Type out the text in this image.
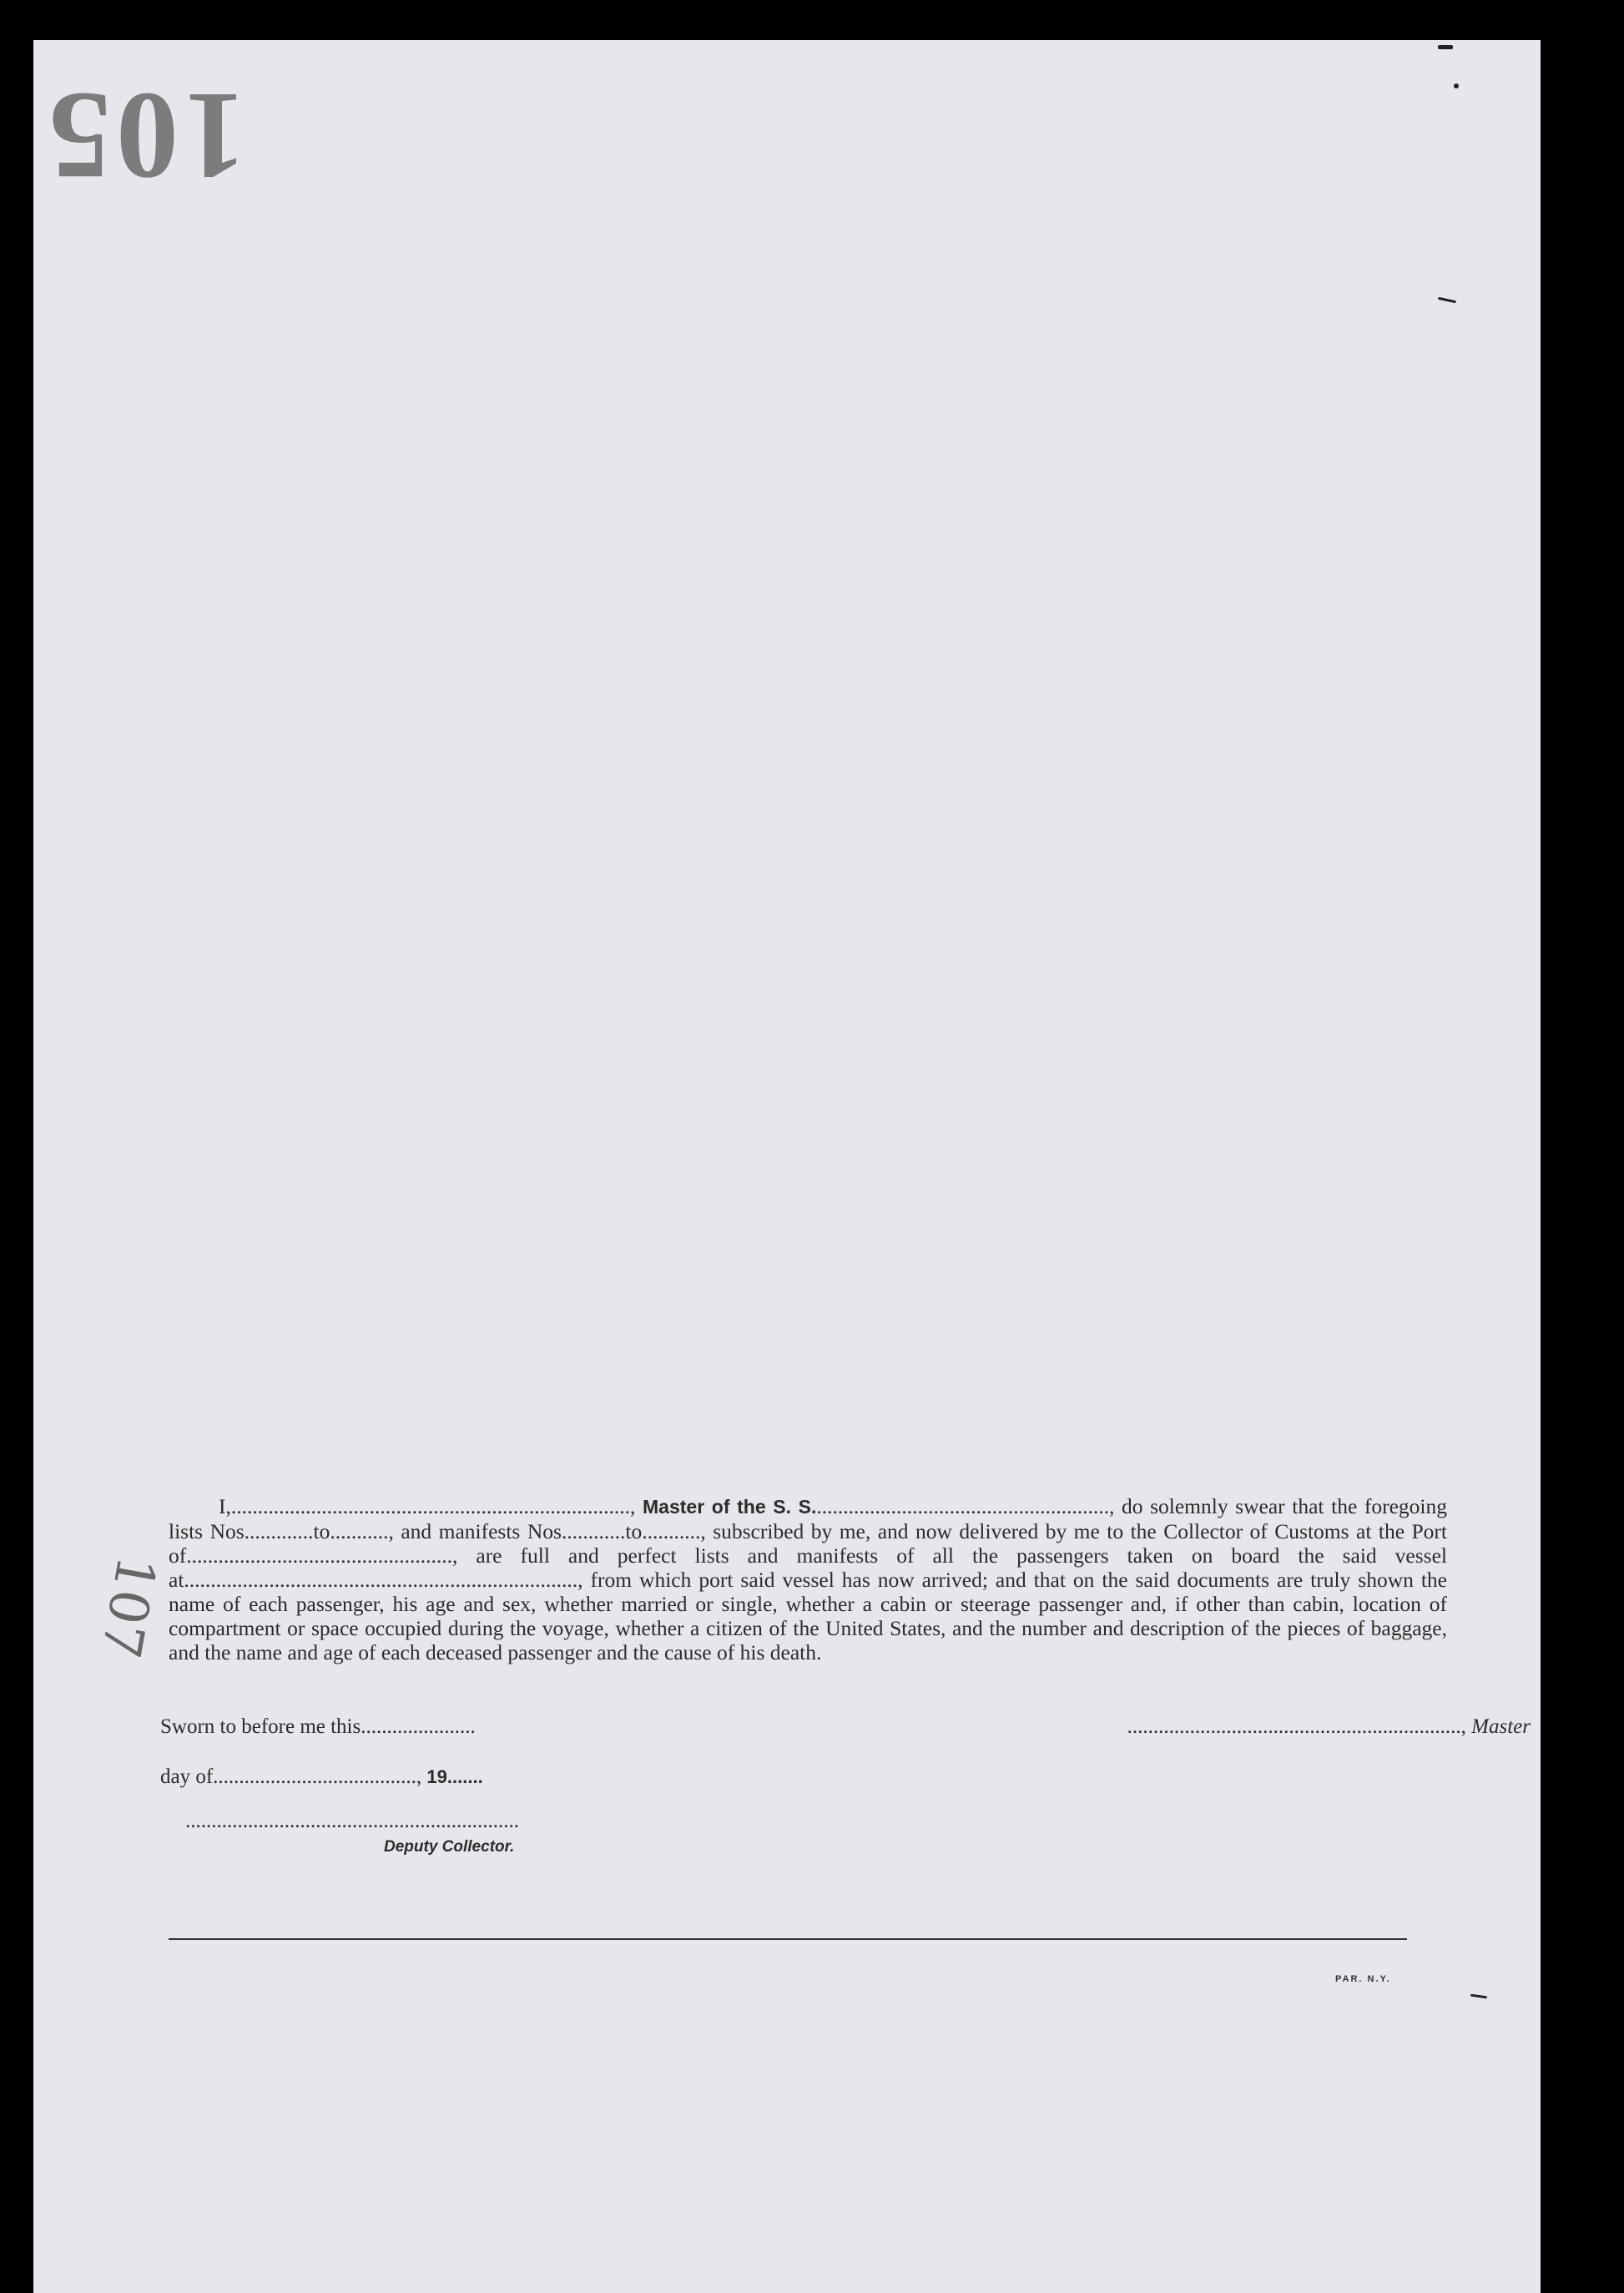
105
107
I,..........................................................................., Master of the S. S........................................................, do solemnly swear that the foregoing lists Nos.............to..........., and manifests Nos............to..........., subscribed by me, and now delivered by me to the Collector of Customs at the Port of.................................................., are full and perfect lists and manifests of all the passengers taken on board the said vessel at.........................................................................., from which port said vessel has now arrived; and that on the said documents are truly shown the name of each passenger, his age and sex, whether married or single, whether a cabin or steerage passenger and, if other than cabin, location of compartment or space occupied during the voyage, whether a citizen of the United States, and the number and description of the pieces of baggage, and the name and age of each deceased passenger and the cause of his death.
Sworn to before me this......................	................................................................, Master
day of......................................., 19.......
................................................................
Deputy Collector.
PAR. N.Y.
